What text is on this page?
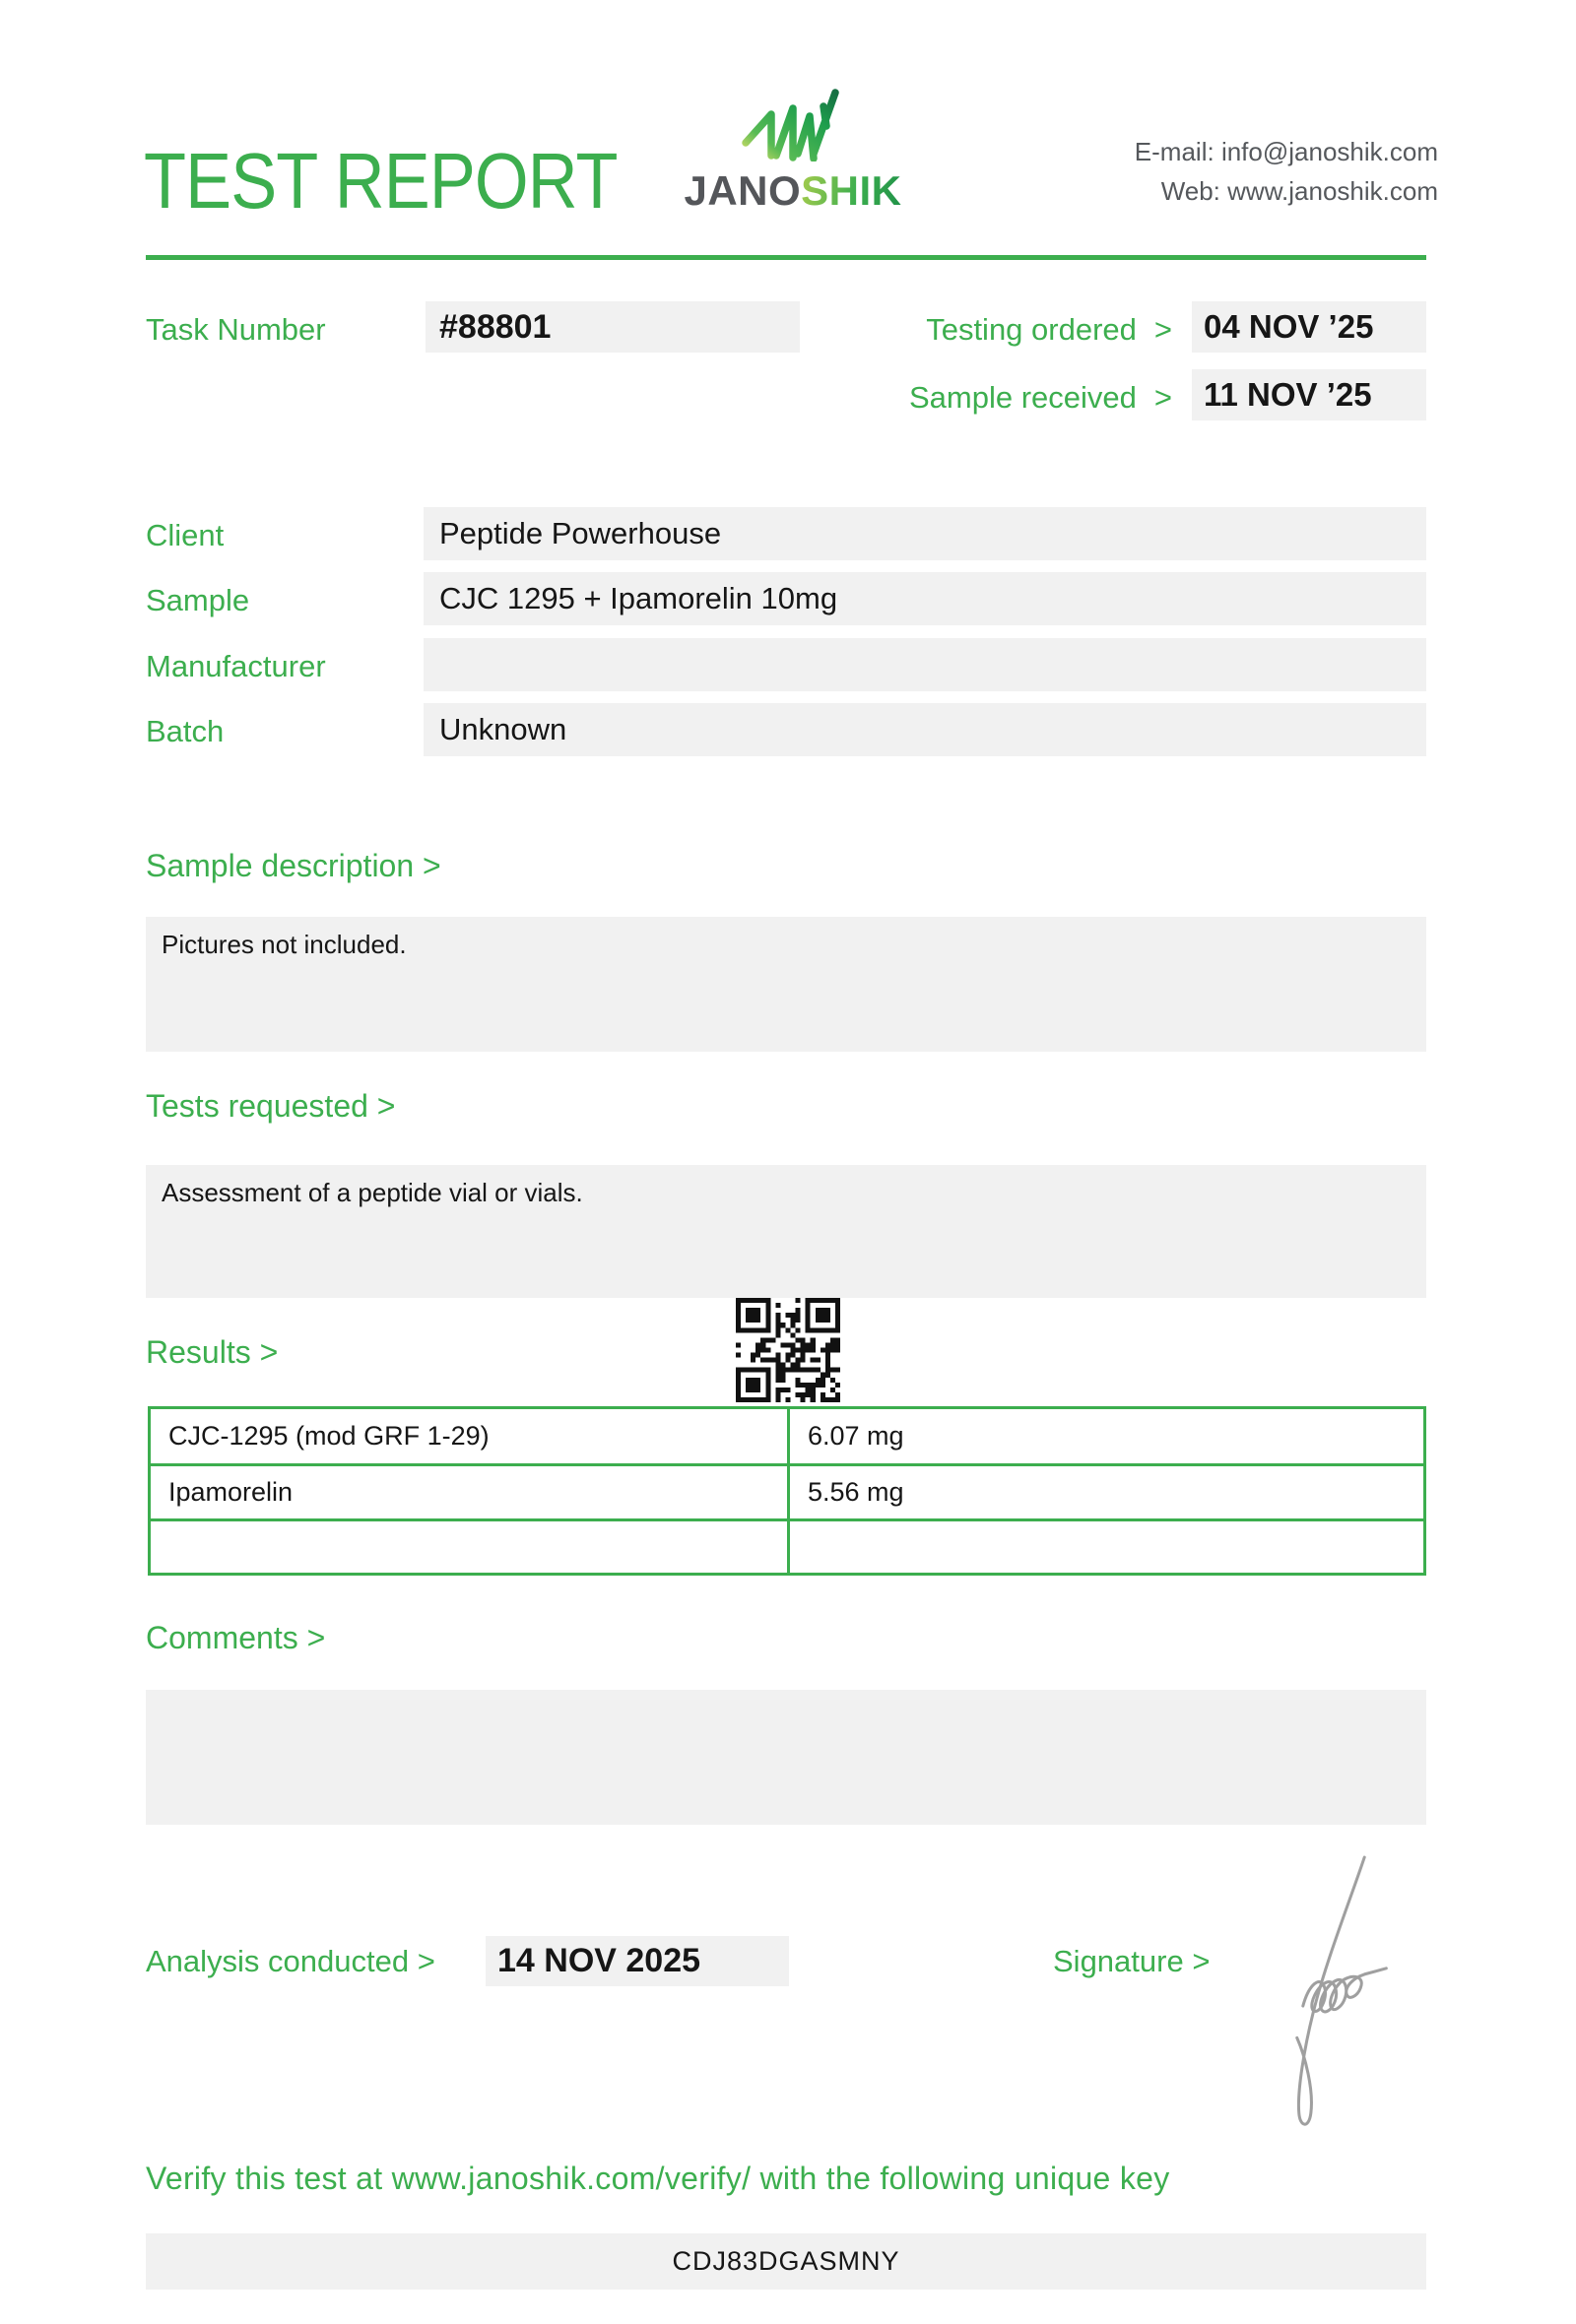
TEST REPORT JANOSHIK
E-mail: info@janoshik.com
Web: www.janoshik.com
Task Number	#88801	Testing ordered > 04 NOV ’25
Sample received > 11 NOV ’25
Client	Peptide Powerhouse
Sample	CJC 1295 + Ipamorelin 10mg
Manufacturer
Batch	Unknown
Sample description >
Pictures not included.
Tests requested >
Assessment of a peptide vial or vials.
Results >
CJC-1295 (mod GRF 1-29)	6.07 mg
Ipamorelin	5.56 mg
Comments >
Analysis conducted >	14 NOV 2025	Signature >
Verify this test at www.janoshik.com/verify/ with the following unique key
CDJ83DGASMNY
